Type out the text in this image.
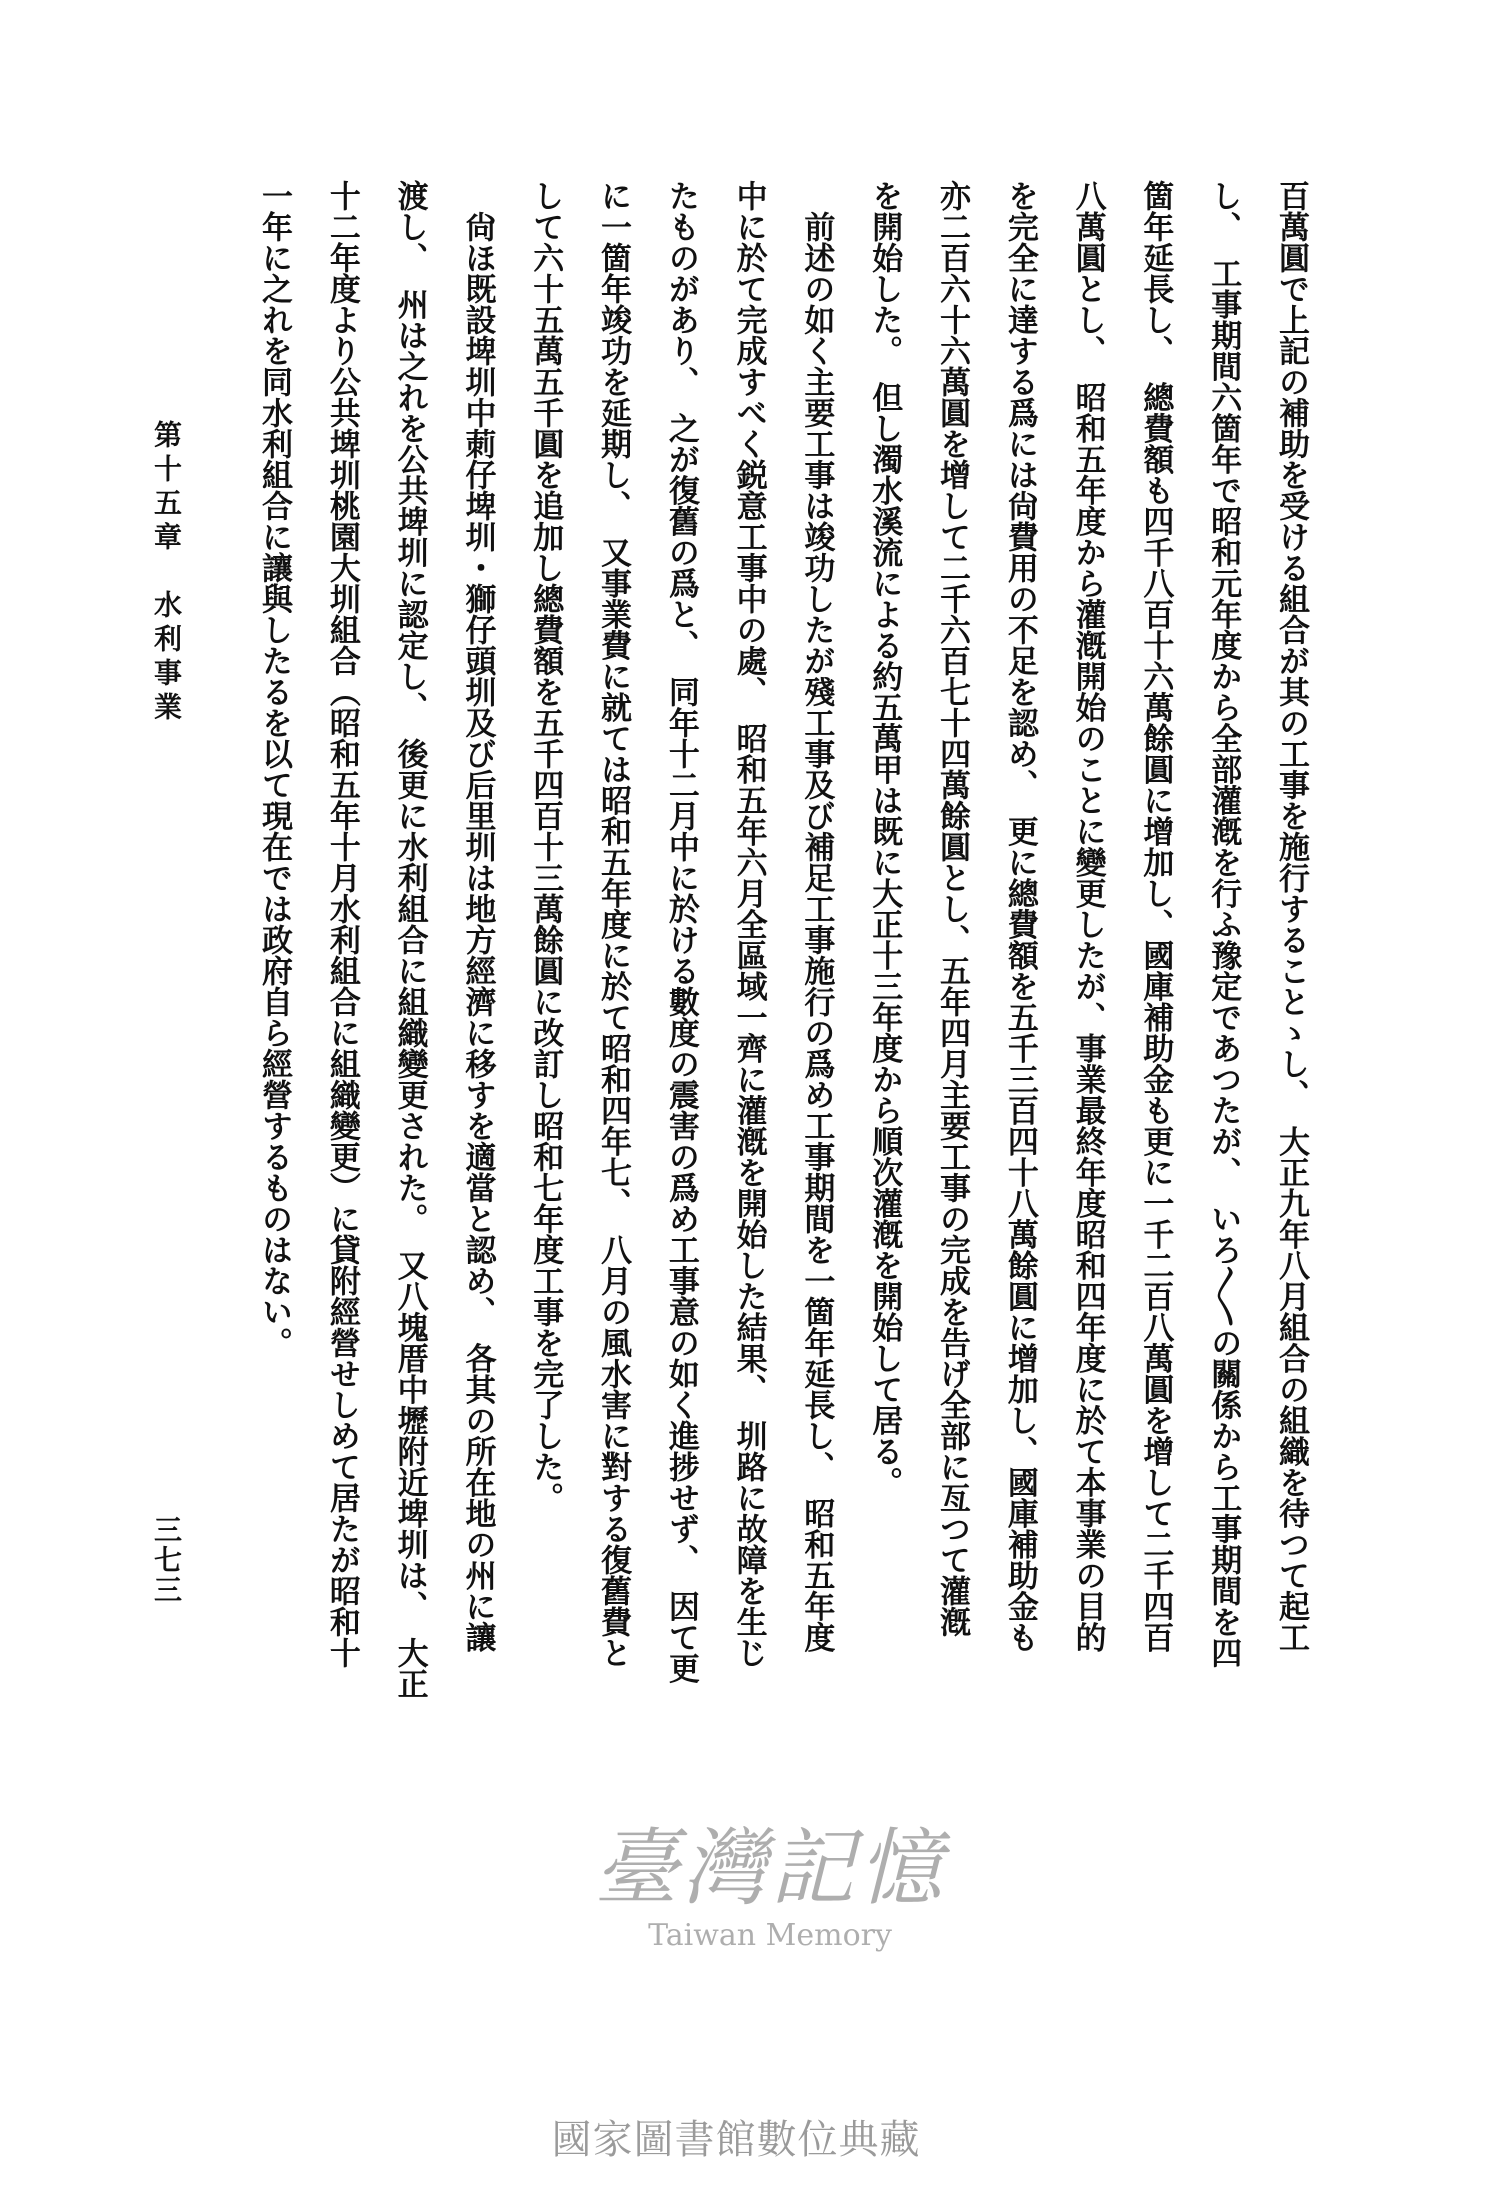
百萬圓で上記の補助を受ける組合が其の工事を施行することゝし、　大正九年八月組合の組織を待つて起工
し、　工事期間六箇年で昭和元年度から全部灌漑を行ふ豫定であつたが、　いろ〳〵の關係から工事期間を四
箇年延長し、　總費額も四千八百十六萬餘圓に增加し、國庫補助金も更に一千二百八萬圓を增して二千四百
八萬圓とし、　昭和五年度から灌漑開始のことに變更したが、事業最終年度昭和四年度に於て本事業の目的
を完全に達する爲には尙費用の不足を認め、　更に總費額を五千三百四十八萬餘圓に增加し、國庫補助金も
亦二百六十六萬圓を增して二千六百七十四萬餘圓とし、五年四月主要工事の完成を告げ全部に亙つて灌漑
を開始した。　但し濁水溪流による約五萬甲は既に大正十三年度から順次灌漑を開始して居る。
　前述の如く主要工事は竣功したが殘工事及び補足工事施行の爲め工事期間を一箇年延長し、　昭和五年度
中に於て完成すべく鋭意工事中の處、　昭和五年六月全區域一齊に灌漑を開始した結果、　圳路に故障を生じ
たものがあり、　之が復舊の爲と、　同年十二月中に於ける數度の震害の爲め工事意の如く進捗せず、　因て更
に一箇年竣功を延期し、　又事業費に就ては昭和五年度に於て昭和四年七、　八月の風水害に對する復舊費と
して六十五萬五千圓を追加し總費額を五千四百十三萬餘圓に改訂し昭和七年度工事を完了した。
　尙ほ既設埤圳中莿仔埤圳・獅仔頭圳及び后里圳は地方經濟に移すを適當と認め、　各其の所在地の州に讓
渡し、　州は之れを公共埤圳に認定し、　後更に水利組合に組織變更された。　又八塊厝中壢附近埤圳は、　大正
十二年度より公共埤圳桃園大圳組合（昭和五年十月水利組合に組織變更）に貸附經營せしめて居たが昭和十
一年に之れを同水利組合に讓與したるを以て現在では政府自ら經營するものはない。
第十五章　水利事業
三七三
臺灣記憶
Taiwan Memory
國家圖書館數位典藏
